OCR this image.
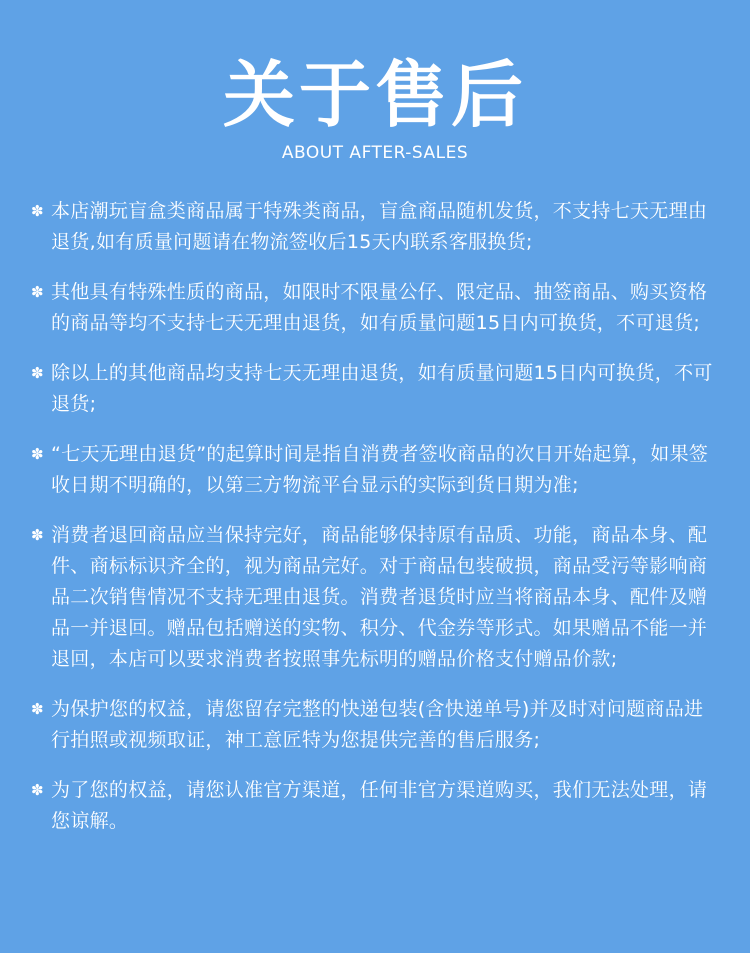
关于售后
ABOUT AFTER-SALES
✽ 本店潮玩盲盒类商品属于特殊类商品，盲盒商品随机发货，不支持七天无理由退货,如有质量问题请在物流签收后15天内联系客服换货;
✽ 其他具有特殊性质的商品，如限时不限量公仔、限定品、抽签商品、购买资格的商品等均不支持七天无理由退货，如有质量问题15日内可换货，不可退货;
✽ 除以上的其他商品均支持七天无理由退货，如有质量问题15日内可换货，不可退货;
✽ “七天无理由退货”的起算时间是指自消费者签收商品的次日开始起算，如果签收日期不明确的，以第三方物流平台显示的实际到货日期为准;
✽ 消费者退回商品应当保持完好，商品能够保持原有品质、功能，商品本身、配件、商标标识齐全的，视为商品完好。对于商品包装破损，商品受污等影响商品二次销售情况不支持无理由退货。消费者退货时应当将商品本身、配件及赠品一并退回。赠品包括赠送的实物、积分、代金券等形式。如果赠品不能一并退回，本店可以要求消费者按照事先标明的赠品价格支付赠品价款;
✽ 为保护您的权益，请您留存完整的快递包装(含快递单号)并及时对问题商品进行拍照或视频取证，神工意匠特为您提供完善的售后服务;
✽ 为了您的权益，请您认准官方渠道，任何非官方渠道购买，我们无法处理，请您谅解。
